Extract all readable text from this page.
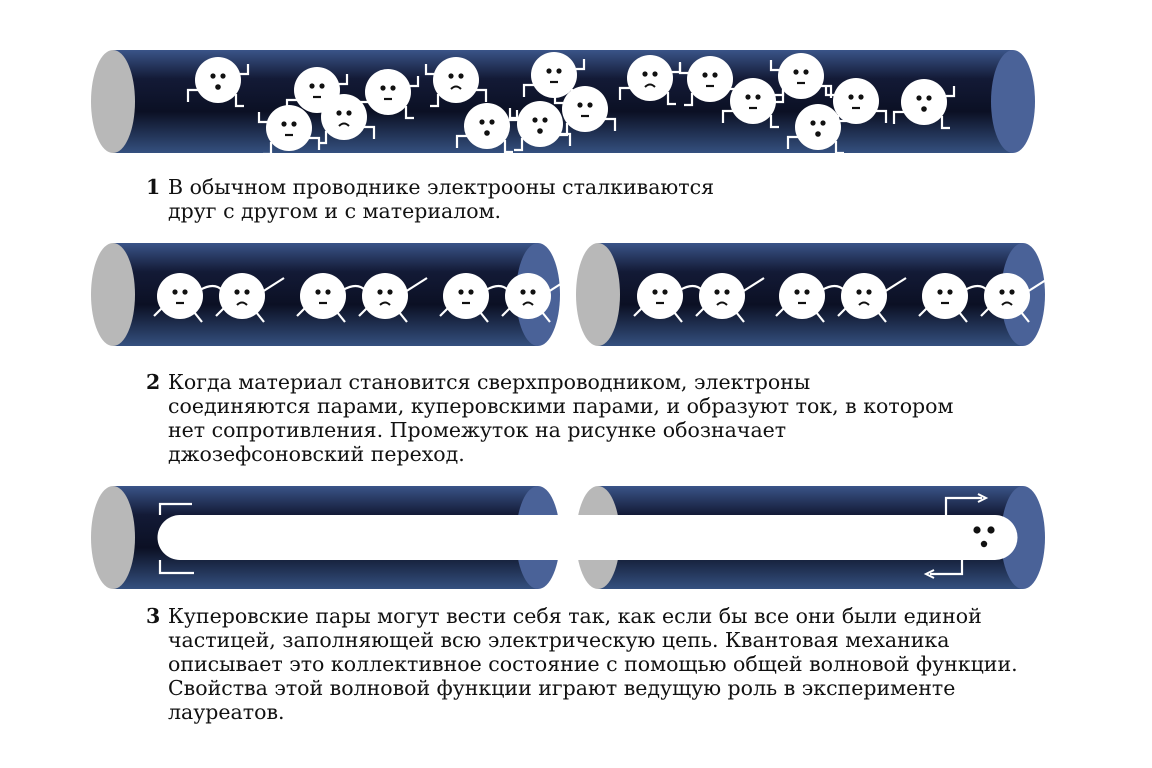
1 В обычном проводнике электрооны сталкиваются
друг с другом и с материалом.
2 Когда материал становится сверхпроводником, электроны
соединяются парами, куперовскими парами, и образуют ток, в котором
нет сопротивления. Промежуток на рисунке обозначает
джозефсоновский переход.
3 Куперовские пары могут вести себя так, как если бы все они были единой
частицей, заполняющей всю электрическую цепь. Квантовая механика
описывает это коллективное состояние с помощью общей волновой функции.
Свойства этой волновой функции играют ведущую роль в эксперименте
лауреатов.
